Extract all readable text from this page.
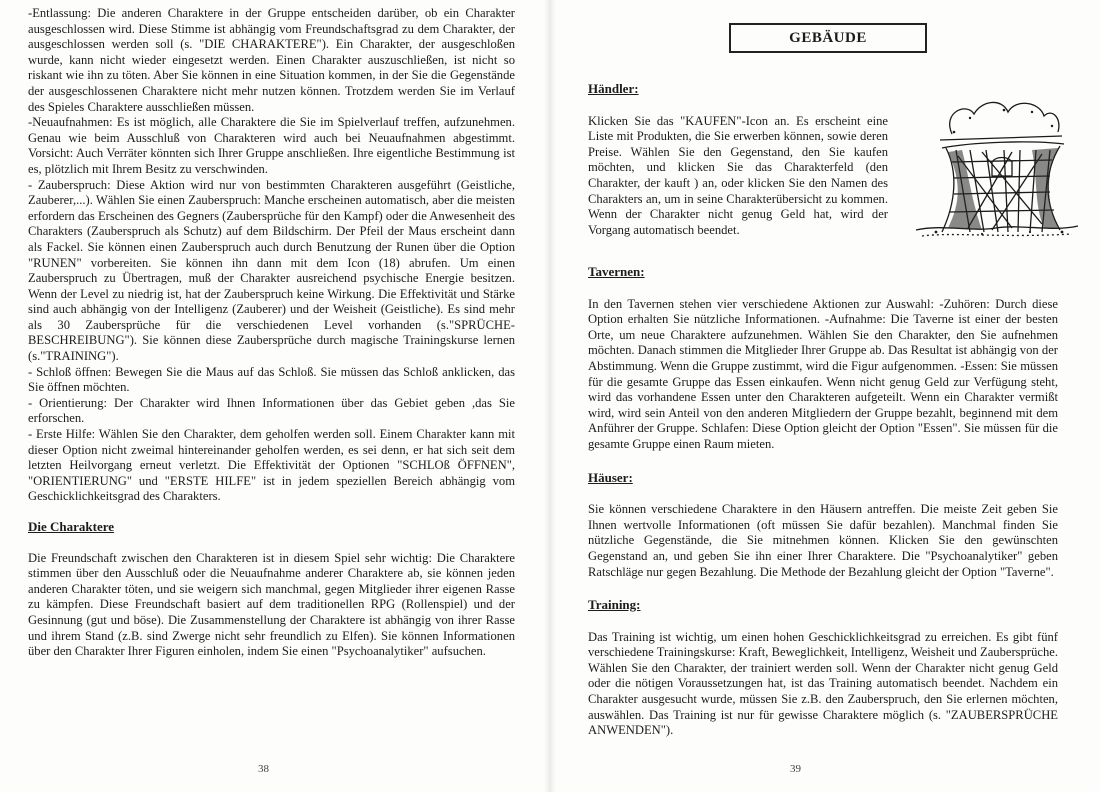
-Entlassung: Die anderen Charaktere in der Gruppe entscheiden darüber, ob ein Charakter ausgeschlossen wird. Diese Stimme ist abhängig vom Freundschaftsgrad zu dem Charakter, der ausgeschlossen werden soll (s. "DIE CHARAKTERE"). Ein Charakter, der ausgeschloßen wurde, kann nicht wieder eingesetzt werden. Einen Charakter auszuschließen, ist nicht so riskant wie ihn zu töten. Aber Sie können in eine Situation kommen, in der Sie die Gegenstände der ausgeschlossenen Charaktere nicht mehr nutzen können. Trotzdem werden Sie im Verlauf des Spieles Charaktere ausschließen müssen.

-Neuaufnahmen: Es ist möglich, alle Charaktere die Sie im Spielverlauf treffen, aufzunehmen. Genau wie beim Ausschluß von Charakteren wird auch bei Neuaufnahmen abgestimmt. Vorsicht: Auch Verräter könnten sich Ihrer Gruppe anschließen. Ihre eigentliche Bestimmung ist es, plötzlich mit Ihrem Besitz zu verschwinden.

- Zauberspruch: Diese Aktion wird nur von bestimmten Charakteren ausgeführt (Geistliche, Zauberer,...). Wählen Sie einen Zauberspruch: Manche erscheinen automatisch, aber die meisten erfordern das Erscheinen des Gegners (Zaubersprüche für den Kampf) oder die Anwesenheit des Charakters (Zauberspruch als Schutz) auf dem Bildschirm. Der Pfeil der Maus erscheint dann als Fackel. Sie können einen Zauberspruch auch durch Benutzung der Runen über die Option "RUNEN" vorbereiten. Sie können ihn dann mit dem Icon (18) abrufen. Um einen Zauberspruch zu Übertragen, muß der Charakter ausreichend psychische Energie besitzen. Wenn der Level zu niedrig ist, hat der Zauberspruch keine Wirkung. Die Effektivität und Stärke sind auch abhängig von der Intelligenz (Zauberer) und der Weisheit (Geistliche). Es sind mehr als 30 Zaubersprüche für die verschiedenen Level vorhanden (s."SPRÜCHE-BESCHREIBUNG"). Sie können diese Zaubersprüche durch magische Trainingskurse lernen (s."TRAINING").

- Schloß öffnen: Bewegen Sie die Maus auf das Schloß. Sie müssen das Schloß anklicken, das Sie öffnen möchten.

- Orientierung: Der Charakter wird Ihnen Informationen über das Gebiet geben ,das Sie erforschen.

- Erste Hilfe: Wählen Sie den Charakter, dem geholfen werden soll. Einem Charakter kann mit dieser Option nicht zweimal hintereinander geholfen werden, es sei denn, er hat sich seit dem letzten Heilvorgang erneut verletzt. Die Effektivität der Optionen "SCHLOß ÖFFNEN", "ORIENTIERUNG" und "ERSTE HILFE" ist in jedem speziellen Bereich abhängig vom Geschicklichkeitsgrad des Charakters.

Die Charaktere

Die Freundschaft zwischen den Charakteren ist in diesem Spiel sehr wichtig: Die Charaktere stimmen über den Ausschluß oder die Neuaufnahme anderer Charaktere ab, sie können jeden anderen Charakter töten, und sie weigern sich manchmal, gegen Mitglieder ihrer eigenen Rasse zu kämpfen. Diese Freundschaft basiert auf dem traditionellen RPG (Rollenspiel) und der Gesinnung (gut und böse). Die Zusammenstellung der Charaktere ist abhängig von ihrer Rasse und ihrem Stand (z.B. sind Zwerge nicht sehr freundlich zu Elfen). Sie können Informationen über den Charakter Ihrer Figuren einholen, indem Sie einen "Psychoanalytiker" aufsuchen.

38
GEBÄUDE
Händler:

Klicken Sie das "KAUFEN"-Icon an. Es erscheint eine Liste mit Produkten, die Sie erwerben können, sowie deren Preise. Wählen Sie den Gegenstand, den Sie kaufen möchten, und klicken Sie das Charakterfeld (den Charakter, der kauft ) an, oder klicken Sie den Namen des Charakters an, um in seine Charakterübersicht zu kommen. Wenn der Charakter nicht genug Geld hat, wird der Vorgang automatisch beendet.

Tavernen:

In den Tavernen stehen vier verschiedene Aktionen zur Auswahl: -Zuhören: Durch diese Option erhalten Sie nützliche Informationen. -Aufnahme: Die Taverne ist einer der besten Orte, um neue Charaktere aufzunehmen. Wählen Sie den Charakter, den Sie aufnehmen möchten. Danach stimmen die Mitglieder Ihrer Gruppe ab. Das Resultat ist abhängig von der Abstimmung. Wenn die Gruppe zustimmt, wird die Figur aufgenommen. -Essen: Sie müssen für die gesamte Gruppe das Essen einkaufen. Wenn nicht genug Geld zur Verfügung steht, wird das vorhandene Essen unter den Charakteren aufgeteilt. Wenn ein Charakter vermißt wird, wird sein Anteil von den anderen Mitgliedern der Gruppe bezahlt, beginnend mit dem Anführer der Gruppe. Schlafen: Diese Option gleicht der Option "Essen". Sie müssen für die gesamte Gruppe einen Raum mieten.

Häuser:

Sie können verschiedene Charaktere in den Häusern antreffen. Die meiste Zeit geben Sie Ihnen wertvolle Informationen (oft müssen Sie dafür bezahlen). Manchmal finden Sie nützliche Gegenstände, die Sie mitnehmen können. Klicken Sie den gewünschten Gegenstand an, und geben Sie ihn einer Ihrer Charaktere. Die "Psychoanalytiker" geben Ratschläge nur gegen Bezahlung. Die Methode der Bezahlung gleicht der Option "Taverne".

Training:

Das Training ist wichtig, um einen hohen Geschicklichkeitsgrad zu erreichen. Es gibt fünf verschiedene Trainingskurse: Kraft, Beweglichkeit, Intelligenz, Weisheit und Zaubersprüche. Wählen Sie den Charakter, der trainiert werden soll. Wenn der Charakter nicht genug Geld oder die nötigen Voraussetzungen hat, ist das Training automatisch beendet. Nachdem ein Charakter ausgesucht wurde, müssen Sie z.B. den Zauberspruch, den Sie erlernen möchten, auswählen. Das Training ist nur für gewisse Charaktere möglich (s. "ZAUBERSPRÜCHE ANWENDEN").

39
